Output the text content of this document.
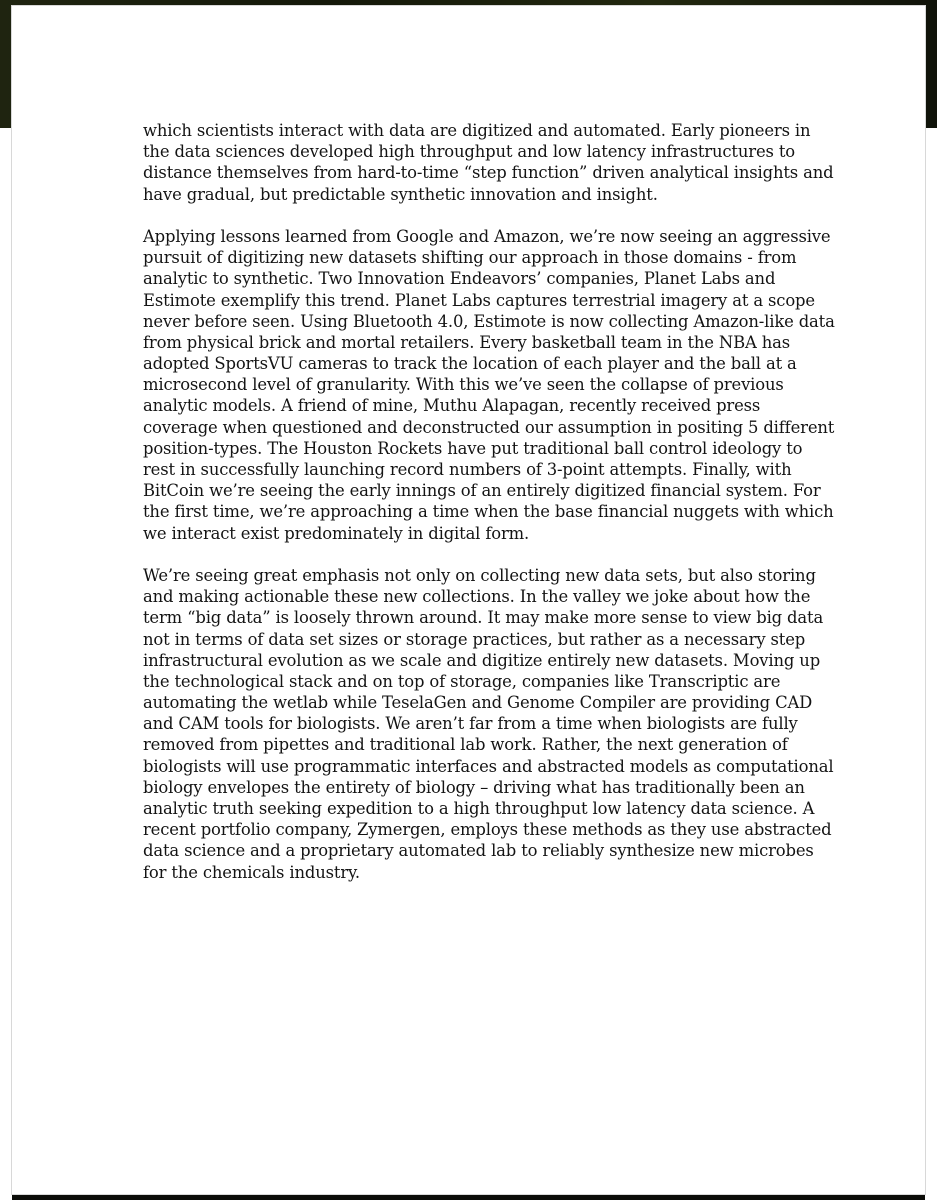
which scientists interact with data are digitized and automated. Early pioneers in
the data sciences developed high throughput and low latency infrastructures to
distance themselves from hard-to-time “step function” driven analytical insights and
have gradual, but predictable synthetic innovation and insight.
Applying lessons learned from Google and Amazon, we’re now seeing an aggressive
pursuit of digitizing new datasets shifting our approach in those domains - from
analytic to synthetic. Two Innovation Endeavors’ companies, Planet Labs and
Estimote exemplify this trend. Planet Labs captures terrestrial imagery at a scope
never before seen. Using Bluetooth 4.0, Estimote is now collecting Amazon-like data
from physical brick and mortal retailers. Every basketball team in the NBA has
adopted SportsVU cameras to track the location of each player and the ball at a
microsecond level of granularity. With this we’ve seen the collapse of previous
analytic models. A friend of mine, Muthu Alapagan, recently received press
coverage when questioned and deconstructed our assumption in positing 5 different
position-types. The Houston Rockets have put traditional ball control ideology to
rest in successfully launching record numbers of 3-point attempts. Finally, with
BitCoin we’re seeing the early innings of an entirely digitized financial system. For
the first time, we’re approaching a time when the base financial nuggets with which
we interact exist predominately in digital form.
We’re seeing great emphasis not only on collecting new data sets, but also storing
and making actionable these new collections. In the valley we joke about how the
term “big data” is loosely thrown around. It may make more sense to view big data
not in terms of data set sizes or storage practices, but rather as a necessary step
infrastructural evolution as we scale and digitize entirely new datasets. Moving up
the technological stack and on top of storage, companies like Transcriptic are
automating the wetlab while TeselaGen and Genome Compiler are providing CAD
and CAM tools for biologists. We aren’t far from a time when biologists are fully
removed from pipettes and traditional lab work. Rather, the next generation of
biologists will use programmatic interfaces and abstracted models as computational
biology envelopes the entirety of biology – driving what has traditionally been an
analytic truth seeking expedition to a high throughput low latency data science. A
recent portfolio company, Zymergen, employs these methods as they use abstracted
data science and a proprietary automated lab to reliably synthesize new microbes
for the chemicals industry.
